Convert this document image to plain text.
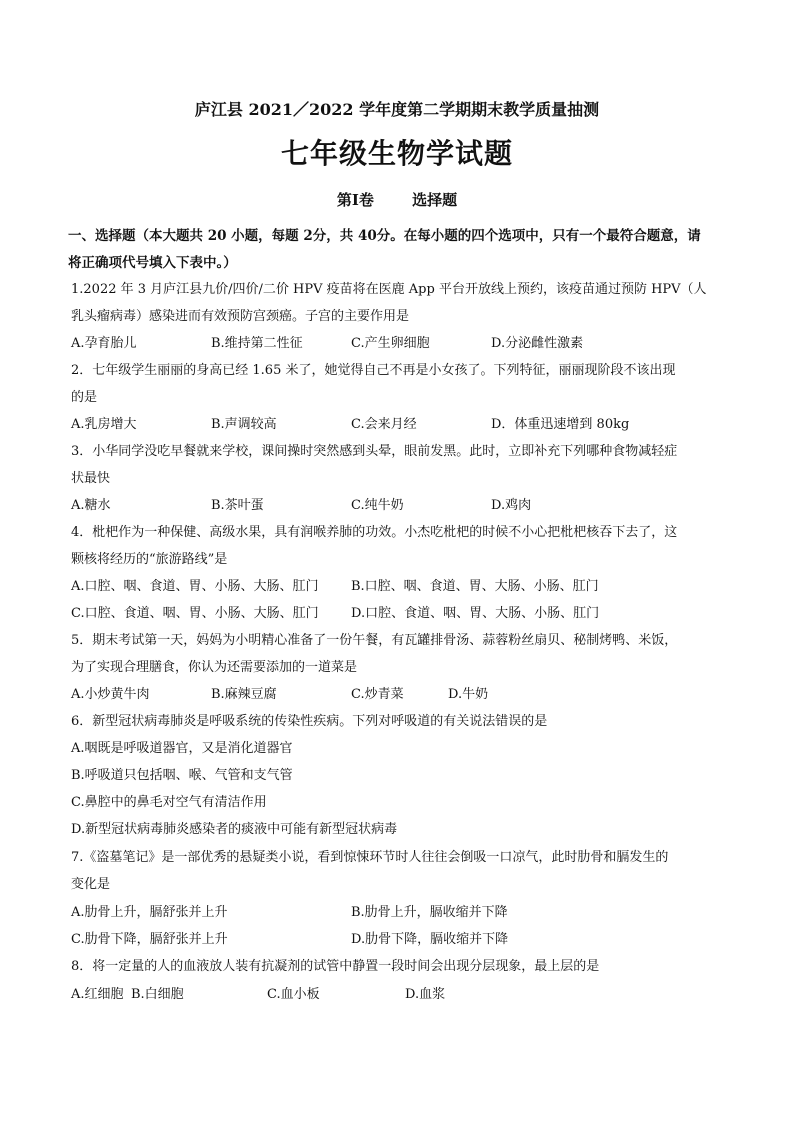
庐江县 2021／2022 学年度第二学期期末教学质量抽测
七年级生物学试题
第Ⅰ卷　 选择题
一、选择题（本大题共 20 小题，每题 2分，共 40分。在每小题的四个选项中，只有一个最符合题意，请
将正确项代号填入下表中。）
1.2022 年 3 月庐江县九价/四价/二价 HPV 疫苗将在医鹿 App 平台开放线上预约，该疫苗通过预防 HPV（人
乳头瘤病毒）感染进而有效预防宫颈癌。子宫的主要作用是
A.孕育胎儿	B.维持第二性征	C.产生卵细胞	D.分泌雌性激素
2．七年级学生丽丽的身高已经 1.65 米了，她觉得自己不再是小女孩了。下列特征，丽丽现阶段不该出现
的是
A.乳房增大	B.声调较高	C.会来月经	D．体重迅速增到 80kg
3．小华同学没吃早餐就来学校，课间操时突然感到头晕，眼前发黑。此时，立即补充下列哪种食物减轻症
状最快
A.糖水	B.茶叶蛋	C.纯牛奶	D.鸡肉
4．枇杷作为一种保健、高级水果，具有润喉养肺的功效。小杰吃枇杷的时候不小心把枇杷核吞下去了，这
颗核将经历的“旅游路线”是
A.口腔、咽、食道、胃、小肠、大肠、肛门 B.口腔、咽、食道、胃、大肠、小肠、肛门
C.口腔、食道、咽、胃、小肠、大肠、肛门 D.口腔、食道、咽、胃、大肠、小肠、肛门
5．期末考试第一天，妈妈为小明精心准备了一份午餐，有瓦罐排骨汤、蒜蓉粉丝扇贝、秘制烤鸭、米饭，
为了实现合理膳食，你认为还需要添加的一道菜是
A.小炒黄牛肉	B.麻辣豆腐	C.炒青菜	D.牛奶
6．新型冠状病毒肺炎是呼吸系统的传染性疾病。下列对呼吸道的有关说法错误的是
A.咽既是呼吸道器官，又是消化道器官
B.呼吸道只包括咽、喉、气管和支气管
C.鼻腔中的鼻毛对空气有清洁作用
D.新型冠状病毒肺炎感染者的痰液中可能有新型冠状病毒
7.《盗墓笔记》是一部优秀的悬疑类小说，看到惊悚环节时人往往会倒吸一口凉气，此时肋骨和膈发生的
变化是
A.肋骨上升，膈舒张并上升	B.肋骨上升，膈收缩并下降
C.肋骨下降，膈舒张并上升	D.肋骨下降，膈收缩并下降
8．将一定量的人的血液放人装有抗凝剂的试管中静置一段时间会出现分层现象，最上层的是
A.红细胞 B.白细胞	C.血小板	D.血浆
